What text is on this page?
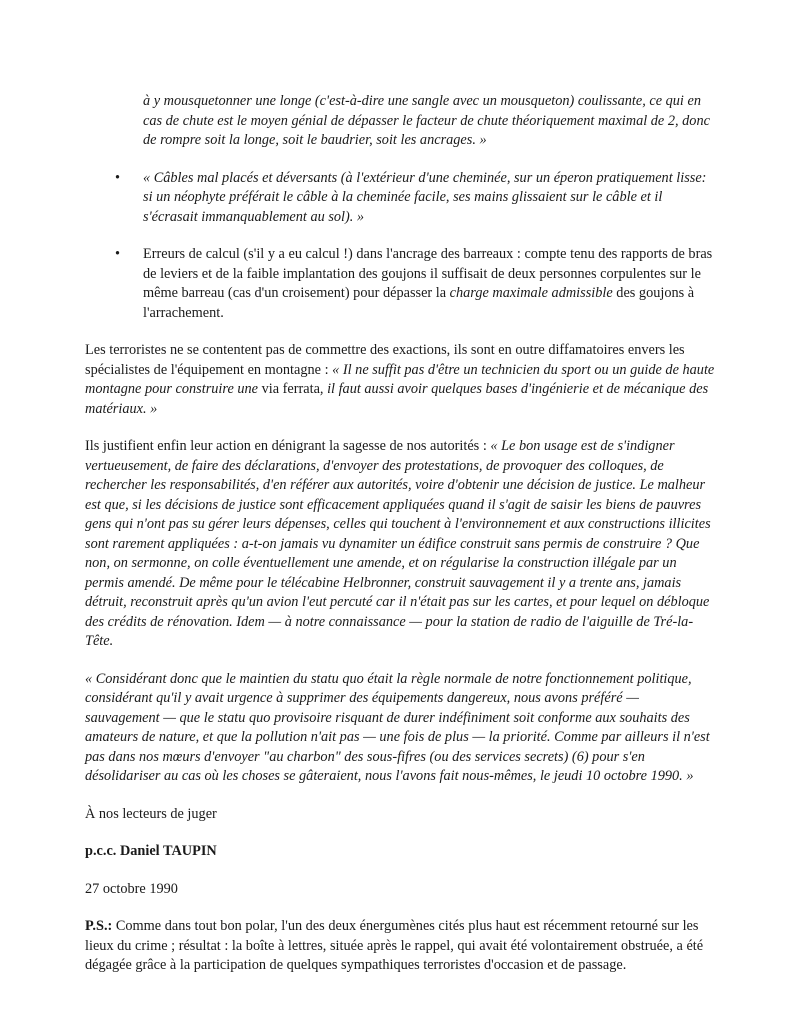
à y mousquetonner une longe (c'est-à-dire une sangle avec un mousqueton) coulissante, ce qui en cas de chute est le moyen génial de dépasser le facteur de chute théoriquement maximal de 2, donc de rompre soit la longe, soit le baudrier, soit les ancrages. »

• « Câbles mal placés et déversants (à l'extérieur d'une cheminée, sur un éperon pratiquement lisse: si un néophyte préférait le câble à la cheminée facile, ses mains glissaient sur le câble et il s'écrasait immanquablement au sol). »
• Erreurs de calcul (s'il y a eu calcul !) dans l'ancrage des barreaux : compte tenu des rapports de bras de leviers et de la faible implantation des goujons il suffisait de deux personnes corpulentes sur le même barreau (cas d'un croisement) pour dépasser la charge maximale admissible des goujons à l'arrachement.

Les terroristes ne se contentent pas de commettre des exactions, ils sont en outre diffamatoires envers les spécialistes de l'équipement en montagne : « Il ne suffit pas d'être un technicien du sport ou un guide de haute montagne pour construire une via ferrata, il faut aussi avoir quelques bases d'ingénierie et de mécanique des matériaux. »

Ils justifient enfin leur action en dénigrant la sagesse de nos autorités : « Le bon usage est de s'indigner vertueusement, de faire des déclarations, d'envoyer des protestations, de provoquer des colloques, de rechercher les responsabilités, d'en référer aux autorités, voire d'obtenir une décision de justice. Le malheur est que, si les décisions de justice sont efficacement appliquées quand il s'agit de saisir les biens de pauvres gens qui n'ont pas su gérer leurs dépenses, celles qui touchent à l'environnement et aux constructions illicites sont rarement appliquées : a-t-on jamais vu dynamiter un édifice construit sans permis de construire ? Que non, on sermonne, on colle éventuellement une amende, et on régularise la construction illégale par un permis amendé. De même pour le télécabine Helbronner, construit sauvagement il y a trente ans, jamais détruit, reconstruit après qu'un avion l'eut percuté car il n'était pas sur les cartes, et pour lequel on débloque des crédits de rénovation. Idem — à notre connaissance — pour la station de radio de l'aiguille de Tré-la-Tête.

« Considérant donc que le maintien du statu quo était la règle normale de notre fonctionnement politique, considérant qu'il y avait urgence à supprimer des équipements dangereux, nous avons préféré — sauvagement — que le statu quo provisoire risquant de durer indéfiniment soit conforme aux souhaits des amateurs de nature, et que la pollution n'ait pas — une fois de plus — la priorité. Comme par ailleurs il n'est pas dans nos mœurs d'envoyer "au charbon" des sous-fifres (ou des services secrets) (6) pour s'en désolidariser au cas où les choses se gâteraient, nous l'avons fait nous-mêmes, le jeudi 10 octobre 1990. »

À nos lecteurs de juger

p.c.c. Daniel TAUPIN

27 octobre 1990

P.S.: Comme dans tout bon polar, l'un des deux énergumènes cités plus haut est récemment retourné sur les lieux du crime ; résultat : la boîte à lettres, située après le rappel, qui avait été volontairement obstruée, a été dégagée grâce à la participation de quelques sympathiques terroristes d'occasion et de passage.
